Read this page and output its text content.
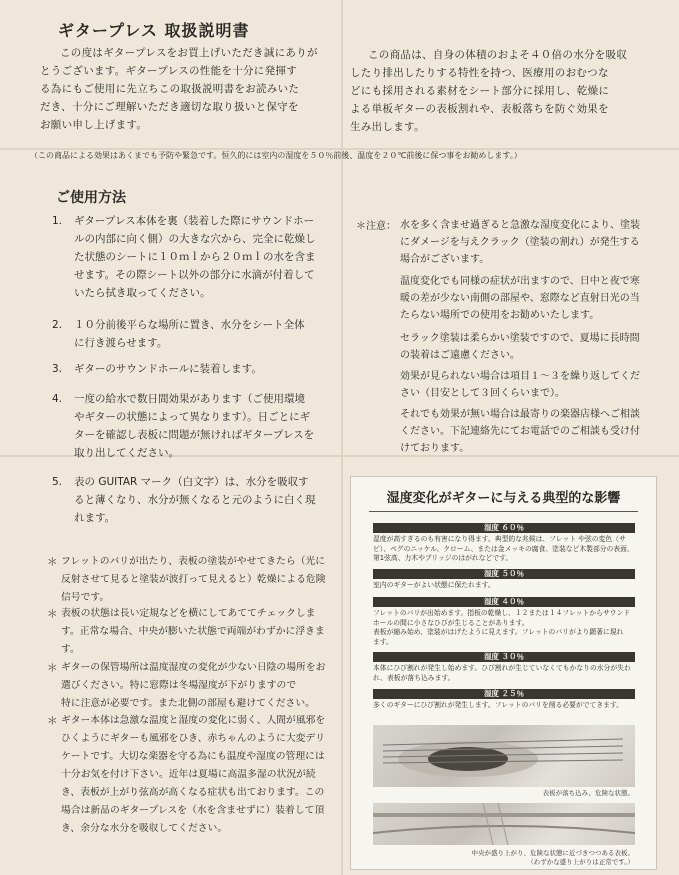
ギタープレス 取扱説明書
この度はギタープレスをお買上げいただき誠にありが
とうございます。ギタープレスの性能を十分に発揮す
る為にもご使用に先立ちこの取扱説明書をお読みいた
だき、十分にご理解いただき適切な取り扱いと保守を
お願い申し上げます。
この商品は、自身の体積のおよそ４０倍の水分を吸収
したり排出したりする特性を持つ、医療用のおむつな
どにも採用される素材をシート部分に採用し、乾燥に
よる単板ギターの表板割れや、表板落ちを防ぐ効果を
生み出します。
（この商品による効果はあくまでも予防や緊急です。恒久的には室内の湿度を５０％前後、温度を２０℃前後に保つ事をお勧めします。）
ご使用方法
1.	ギタープレス本体を裏（装着した際にサウンドホー
ルの内部に向く側）の大きな穴から、完全に乾燥し
た状態のシートに１０ｍｌから２０ｍｌの水を含ま
せます。その際シート以外の部分に水滴が付着して
いたら拭き取ってください。
2.	１０分前後平らな場所に置き、水分をシート全体
に行き渡らせます。
3.	ギターのサウンドホールに装着します。
4.	一度の給水で数日間効果があります（ご使用環境
やギターの状態によって異なります）。日ごとにギ
ターを確認し表板に問題が無ければギタープレスを
取り出してください。
5.	表の GUITAR マーク（白文字）は、水分を吸収す
ると薄くなり、水分が無くなると元のように白く現
れます。
＊ フレットのバリが出たり、表板の塗装がやせてきたら（光に
反射させて見ると塗装が波打って見えると）乾燥による危険
信号です。
＊ 表板の状態は長い定規などを横にしてあててチェックしま
す。正常な場合、中央が膨いた状態で両端がわずかに浮きま
す。
＊ ギターの保管場所は温度湿度の変化が少ない日陰の場所をお
選びください。特に窓際は冬場湿度が下がりますので
特に注意が必要です。また北側の部屋も避けてください。
＊ ギター本体は急激な温度と湿度の変化に弱く、人間が風邪を
ひくようにギターも風邪をひき、赤ちゃんのように大変デリ
ケートです。大切な楽器を守る為にも温度や湿度の管理には
十分お気を付け下さい。近年は夏場に高温多湿の状況が続
き、表板が上がり弦高が高くなる症状も出ております。この
場合は新品のギタープレスを（水を含ませずに）装着して頂
き、余分な水分を吸収してください。
＊注意： 水を多く含ませ過ぎると急激な湿度変化により、塗装
にダメージを与えクラック（塗装の割れ）が発生する
場合がございます。
温度変化でも同様の症状が出ますので、日中と夜で寒
暖の差が少ない南側の部屋や、窓際など直射日光の当
たらない場所での使用をお勧めいたします。
セラック塗装は柔らかい塗装ですので、夏場に長時間
の装着はご遠慮ください。
効果が見られない場合は項目１～３を繰り返してくだ
さい（目安として３回くらいまで）。
それでも効果が無い場合は最寄りの楽器店様へご相談
ください。下記連絡先にてお電話でのご相談も受け付
けております。
湿度変化がギターに与える典型的な影響
湿度 ６０％
湿度が高すぎるのも有害になり得ます。典型的な兆候は、フレット や弦の変色（サ
ビ）、ペグのニッケル、クローム、または金メッキの腐食、塗装など木製部分の表面、
第1弦高、力木やブリッジのはがれなどです。
湿度 ５０％
室内のギターがよい状態に保たれます。
湿度 ４０％
フレットのバリが出始めます。指板の乾燥し、１２または１４フレットからサウンド
ホールの間に小さなひびが生じることがあります。
表板が縮み始め、塗装がはげたように見えます。フレットのバリがより顕著に現れ
ます。
湿度 ３０％
本体にひび割れが発生し始めます。ひび割れが生じていなくてもかなりの水分が失わ
れ、表板が落ち込みます。
湿度 ２５％
多くのギターにひび割れが発生します。フレットのバリを削る必要がでてきます。
表板が落ち込み、危険な状態。
中央が盛り上がり、危険な状態に近づきつつある表板。
（わずかな盛り上がりは正常です。）
